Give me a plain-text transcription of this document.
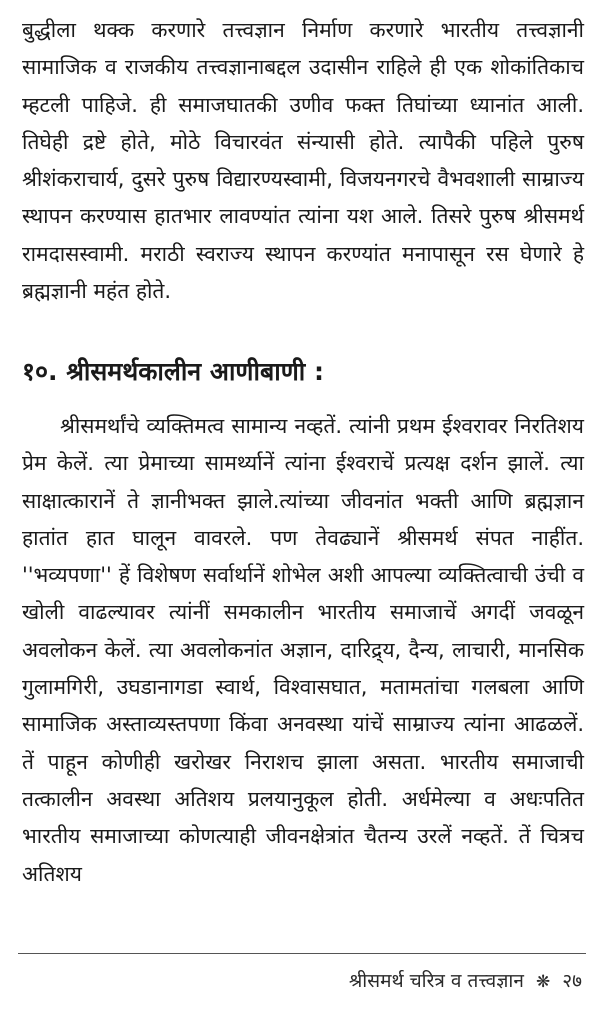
बुद्धीला थक्क करणारे तत्त्वज्ञान निर्माण करणारे भारतीय तत्त्वज्ञानी सामाजिक व राजकीय तत्त्वज्ञानाबद्दल उदासीन राहिले ही एक शोकांतिकाच म्हटली पाहिजे. ही समाजघातकी उणीव फक्त तिघांच्या ध्यानांत आली. तिघेही द्रष्टे होते, मोठे विचारवंत संन्यासी होते. त्यापैकी पहिले पुरुष श्रीशंकराचार्य, दुसरे पुरुष विद्यारण्यस्वामी, विजयनगरचे वैभवशाली साम्राज्य स्थापन करण्यास हातभार लावण्यांत त्यांना यश आले. तिसरे पुरुष श्रीसमर्थ रामदासस्वामी. मराठी स्वराज्य स्थापन करण्यांत मनापासून रस घेणारे हे ब्रह्मज्ञानी महंत होते.

१०. श्रीसमर्थकालीन आणीबाणी :

श्रीसमर्थांचे व्यक्तिमत्व सामान्य नव्हतें. त्यांनी प्रथम ईश्वरावर निरतिशय प्रेम केलें. त्या प्रेमाच्या सामर्थ्यानें त्यांना ईश्वराचें प्रत्यक्ष दर्शन झालें. त्या साक्षात्कारानें ते ज्ञानीभक्त झाले.त्यांच्या जीवनांत भक्ती आणि ब्रह्मज्ञान हातांत हात घालून वावरले. पण तेवढ्यानें श्रीसमर्थ संपत नाहींत. ''भव्यपणा'' हें विशेषण सर्वार्थानें शोभेल अशी आपल्या व्यक्तित्वाची उंची व खोली वाढल्यावर त्यांनीं समकालीन भारतीय समाजाचें अगदीं जवळून अवलोकन केलें. त्या अवलोकनांत अज्ञान, दारिद्र्य, दैन्य, लाचारी, मानसिक गुलामगिरी, उघडानागडा स्वार्थ, विश्वासघात, मतामतांचा गलबला आणि सामाजिक अस्ताव्यस्तपणा किंवा अनवस्था यांचें साम्राज्य त्यांना आढळलें. तें पाहून कोणीही खरोखर निराशच झाला असता. भारतीय समाजाची तत्कालीन अवस्था अतिशय प्रलयानुकूल होती. अर्धमेल्या व अधःपतित भारतीय समाजाच्या कोणत्याही जीवनक्षेत्रांत चैतन्य उरलें नव्हतें. तें चित्रच अतिशय

श्रीसमर्थ चरित्र व तत्त्वज्ञान ❋ २७
